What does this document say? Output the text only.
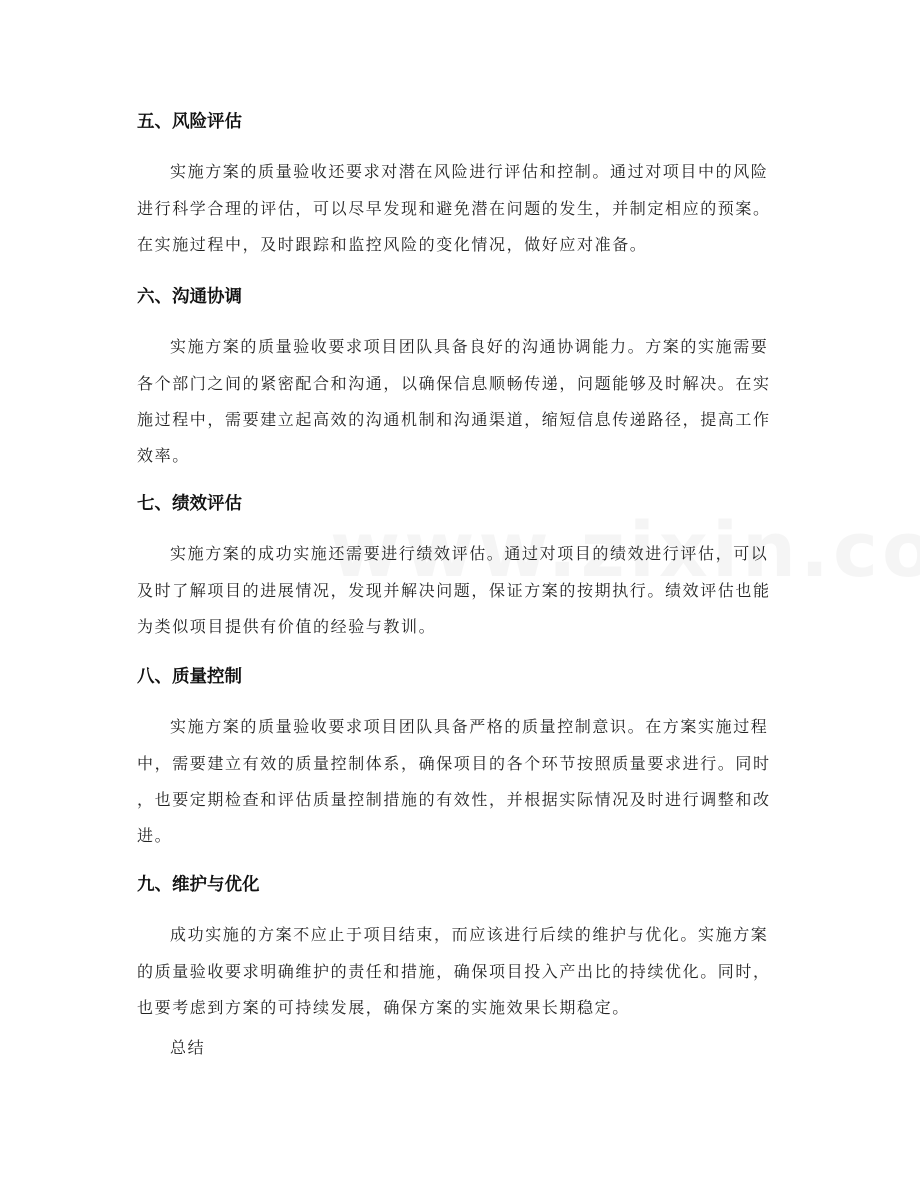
五、风险评估
实施方案的质量验收还要求对潜在风险进行评估和控制。通过对项目中的风险
进行科学合理的评估，可以尽早发现和避免潜在问题的发生，并制定相应的预案。
在实施过程中，及时跟踪和监控风险的变化情况，做好应对准备。
六、沟通协调
实施方案的质量验收要求项目团队具备良好的沟通协调能力。方案的实施需要
各个部门之间的紧密配合和沟通，以确保信息顺畅传递，问题能够及时解决。在实
施过程中，需要建立起高效的沟通机制和沟通渠道，缩短信息传递路径，提高工作
效率。
七、绩效评估
实施方案的成功实施还需要进行绩效评估。通过对项目的绩效进行评估，可以
及时了解项目的进展情况，发现并解决问题，保证方案的按期执行。绩效评估也能
为类似项目提供有价值的经验与教训。
八、质量控制
实施方案的质量验收要求项目团队具备严格的质量控制意识。在方案实施过程
中，需要建立有效的质量控制体系，确保项目的各个环节按照质量要求进行。同时
，也要定期检查和评估质量控制措施的有效性，并根据实际情况及时进行调整和改
进。
九、维护与优化
成功实施的方案不应止于项目结束，而应该进行后续的维护与优化。实施方案
的质量验收要求明确维护的责任和措施，确保项目投入产出比的持续优化。同时，
也要考虑到方案的可持续发展，确保方案的实施效果长期稳定。
总结
